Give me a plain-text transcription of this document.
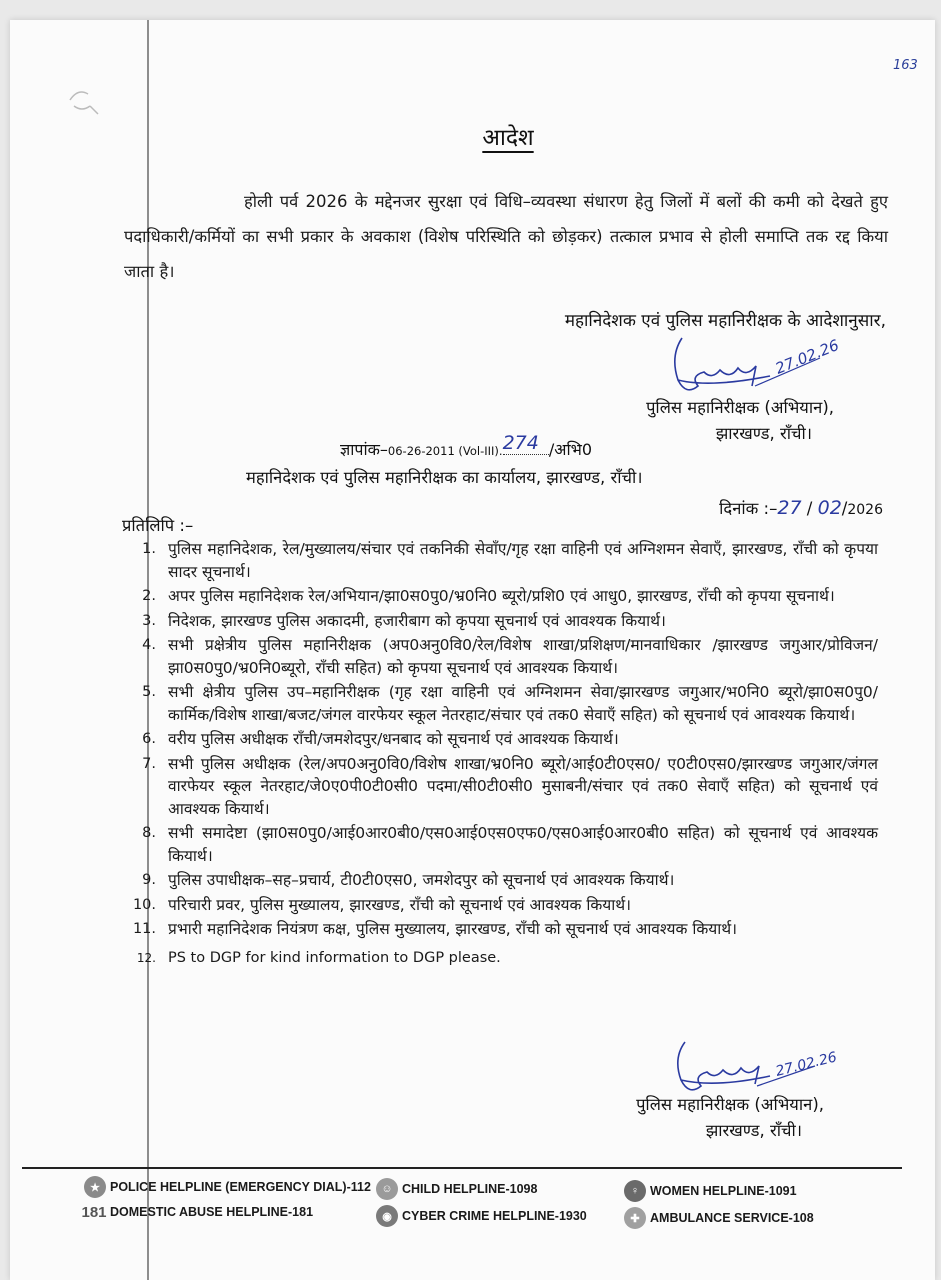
163
आदेश
होली पर्व 2026 के मद्देनजर सुरक्षा एवं विधि–व्यवस्था संधारण हेतु जिलों में बलों की कमी को देखते हुए पदाधिकारी/कर्मियों का सभी प्रकार के अवकाश (विशेष परिस्थिति को छोड़कर) तत्काल प्रभाव से होली समाप्ति तक रद्द किया जाता है।
महानिदेशक एवं पुलिस महानिरीक्षक के आदेशानुसार,
27.02.26
पुलिस महानिरीक्षक (अभियान),
झारखण्ड, राँची।
ज्ञापांक–06-26-2011 (Vol-III).274 /अभि0
महानिदेशक एवं पुलिस महानिरीक्षक का कार्यालय, झारखण्ड, राँची।
दिनांक :–27 / 02/2026
प्रतिलिपि :–
1. पुलिस महानिदेशक, रेल/मुख्यालय/संचार एवं तकनिकी सेवाँए/गृह रक्षा वाहिनी एवं अग्निशमन सेवाएँ, झारखण्ड, राँची को कृपया सादर सूचनार्थ।
2. अपर पुलिस महानिदेशक रेल/अभियान/झा0स0पु0/भ्र0नि0 ब्यूरो/प्रशि0 एवं आधु0, झारखण्ड, राँची को कृपया सूचनार्थ।
3. निदेशक, झारखण्ड पुलिस अकादमी, हजारीबाग को कृपया सूचनार्थ एवं आवश्यक कियार्थ।
4. सभी प्रक्षेत्रीय पुलिस महानिरीक्षक (अप0अनु0वि0/रेल/विशेष शाखा/प्रशिक्षण/मानवाधिकार /झारखण्ड जगुआर/प्रोविजन/झा0स0पु0/भ्र0नि0ब्यूरो, राँची सहित) को कृपया सूचनार्थ एवं आवश्यक कियार्थ।
5. सभी क्षेत्रीय पुलिस उप–महानिरीक्षक (गृह रक्षा वाहिनी एवं अग्निशमन सेवा/झारखण्ड जगुआर/भ0नि0 ब्यूरो/झा0स0पु0/कार्मिक/विशेष शाखा/बजट/जंगल वारफेयर स्कूल नेतरहाट/संचार एवं तक0 सेवाएँ सहित) को सूचनार्थ एवं आवश्यक कियार्थ।
6. वरीय पुलिस अधीक्षक राँची/जमशेदपुर/धनबाद को सूचनार्थ एवं आवश्यक कियार्थ।
7. सभी पुलिस अधीक्षक (रेल/अप0अनु0वि0/विशेष शाखा/भ्र0नि0 ब्यूरो/आई0टी0एस0/ ए0टी0एस0/झारखण्ड जगुआर/जंगल वारफेयर स्कूल नेतरहाट/जे0ए0पी0टी0सी0 पदमा/सी0टी0सी0 मुसाबनी/संचार एवं तक0 सेवाएँ सहित) को सूचनार्थ एवं आवश्यक कियार्थ।
8. सभी समादेष्टा (झा0स0पु0/आई0आर0बी0/एस0आई0एस0एफ0/एस0आई0आर0बी0 सहित) को सूचनार्थ एवं आवश्यक कियार्थ।
9. पुलिस उपाधीक्षक–सह–प्रचार्य, टी0टी0एस0, जमशेदपुर को सूचनार्थ एवं आवश्यक कियार्थ।
10. परिचारी प्रवर, पुलिस मुख्यालय, झारखण्ड, राँची को सूचनार्थ एवं आवश्यक कियार्थ।
11. प्रभारी महानिदेशक नियंत्रण कक्ष, पुलिस मुख्यालय, झारखण्ड, राँची को सूचनार्थ एवं आवश्यक कियार्थ।
12. PS to DGP for kind information to DGP please.
27.02.26
पुलिस महानिरीक्षक (अभियान),
झारखण्ड, राँची।
★ POLICE HELPLINE (EMERGENCY DIAL)-112 ☺ CHILD HELPLINE-1098	♀ WOMEN HELPLINE-1091
181 DOMESTIC ABUSE HELPLINE-181	◉ CYBER CRIME HELPLINE-1930	✚ AMBULANCE SERVICE-108
